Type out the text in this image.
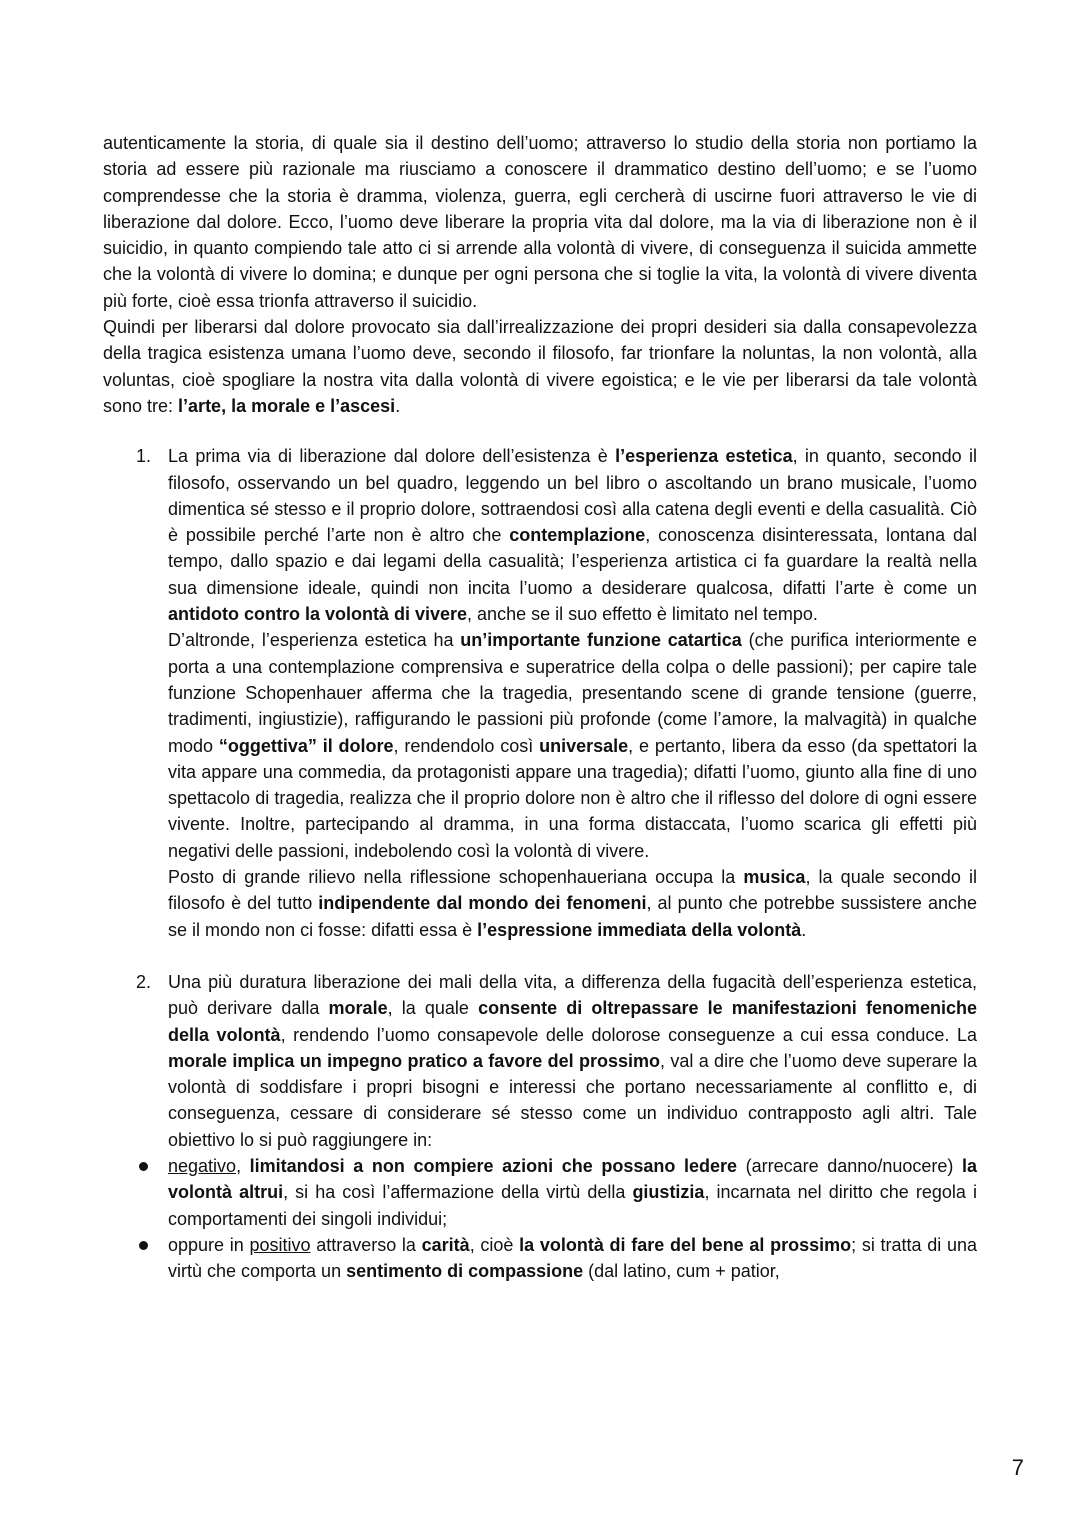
autenticamente la storia, di quale sia il destino dell’uomo; attraverso lo studio della storia non portiamo la storia ad essere più razionale ma riusciamo a conoscere il drammatico destino dell’uomo; e se l’uomo comprendesse che la storia è dramma, violenza, guerra, egli cercherà di uscirne fuori attraverso le vie di liberazione dal dolore. Ecco, l’uomo deve liberare la propria vita dal dolore, ma la via di liberazione non è il suicidio, in quanto compiendo tale atto ci si arrende alla volontà di vivere, di conseguenza il suicida ammette che la volontà di vivere lo domina; e dunque per ogni persona che si toglie la vita, la volontà di vivere diventa più forte, cioè essa trionfa attraverso il suicidio.

Quindi per liberarsi dal dolore provocato sia dall’irrealizzazione dei propri desideri sia dalla consapevolezza della tragica esistenza umana l’uomo deve, secondo il filosofo, far trionfare la noluntas, la non volontà, alla voluntas, cioè spogliare la nostra vita dalla volontà di vivere egoistica; e le vie per liberarsi da tale volontà sono tre: l’arte, la morale e l’ascesi.

1. La prima via di liberazione dal dolore dell’esistenza è l’esperienza estetica, in quanto, secondo il filosofo, osservando un bel quadro, leggendo un bel libro o ascoltando un brano musicale, l’uomo dimentica sé stesso e il proprio dolore, sottraendosi così alla catena degli eventi e della casualità. Ciò è possibile perché l’arte non è altro che contemplazione, conoscenza disinteressata, lontana dal tempo, dallo spazio e dai legami della casualità; l’esperienza artistica ci fa guardare la realtà nella sua dimensione ideale, quindi non incita l’uomo a desiderare qualcosa, difatti l’arte è come un antidoto contro la volontà di vivere, anche se il suo effetto è limitato nel tempo.

D’altronde, l’esperienza estetica ha un’importante funzione catartica (che purifica interiormente e porta a una contemplazione comprensiva e superatrice della colpa o delle passioni); per capire tale funzione Schopenhauer afferma che la tragedia, presentando scene di grande tensione (guerre, tradimenti, ingiustizie), raffigurando le passioni più profonde (come l’amore, la malvagità) in qualche modo “oggettiva” il dolore, rendendolo così universale, e pertanto, libera da esso (da spettatori la vita appare una commedia, da protagonisti appare una tragedia); difatti l’uomo, giunto alla fine di uno spettacolo di tragedia, realizza che il proprio dolore non è altro che il riflesso del dolore di ogni essere vivente. Inoltre, partecipando al dramma, in una forma distaccata, l’uomo scarica gli effetti più negativi delle passioni, indebolendo così la volontà di vivere.

Posto di grande rilievo nella riflessione schopenhaueriana occupa la musica, la quale secondo il filosofo è del tutto indipendente dal mondo dei fenomeni, al punto che potrebbe sussistere anche se il mondo non ci fosse: difatti essa è l’espressione immediata della volontà.

2. Una più duratura liberazione dei mali della vita, a differenza della fugacità dell’esperienza estetica, può derivare dalla morale, la quale consente di oltrepassare le manifestazioni fenomeniche della volontà, rendendo l’uomo consapevole delle dolorose conseguenze a cui essa conduce. La morale implica un impegno pratico a favore del prossimo, val a dire che l’uomo deve superare la volontà di soddisfare i propri bisogni e interessi che portano necessariamente al conflitto e, di conseguenza, cessare di considerare sé stesso come un individuo contrapposto agli altri. Tale obiettivo lo si può raggiungere in:

negativo, limitandosi a non compiere azioni che possano ledere (arrecare danno/nuocere) la volontà altrui, si ha così l’affermazione della virtù della giustizia, incarnata nel diritto che regola i comportamenti dei singoli individui;

oppure in positivo attraverso la carità, cioè la volontà di fare del bene al prossimo; si tratta di una virtù che comporta un sentimento di compassione (dal latino, cum + patior,

7
